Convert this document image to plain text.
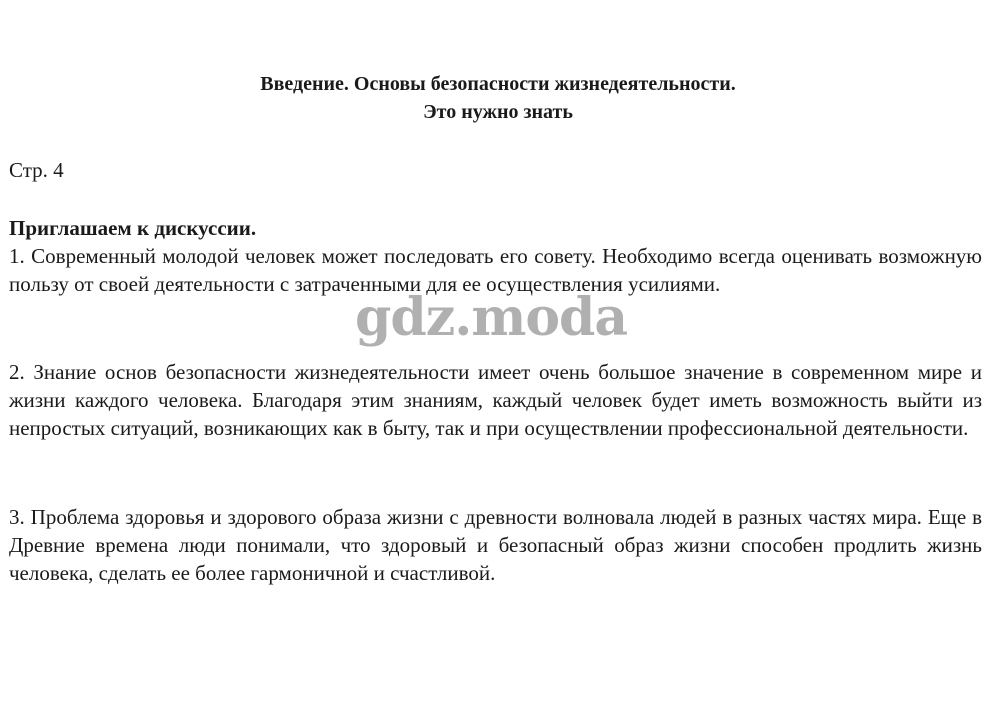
Введение. Основы безопасности жизнедеятельности.
Это нужно знать

Стр. 4

Приглашаем к дискуссии.

1. Современный молодой человек может последовать его совету. Необходимо всегда оценивать возможную пользу от своей деятельности с затраченными для ее осуществления усилиями.

2. Знание основ безопасности жизнедеятельности имеет очень большое значение в современном мире и жизни каждого человека. Благодаря этим знаниям, каждый человек будет иметь возможность выйти из непростых ситуаций, возникающих как в быту, так и при осуществлении профессиональной деятельности.

3. Проблема здоровья и здорового образа жизни с древности волновала людей в разных частях мира. Еще в Древние времена люди понимали, что здоровый и безопасный образ жизни способен продлить жизнь человека, сделать ее более гармоничной и счастливой.

gdz.moda
